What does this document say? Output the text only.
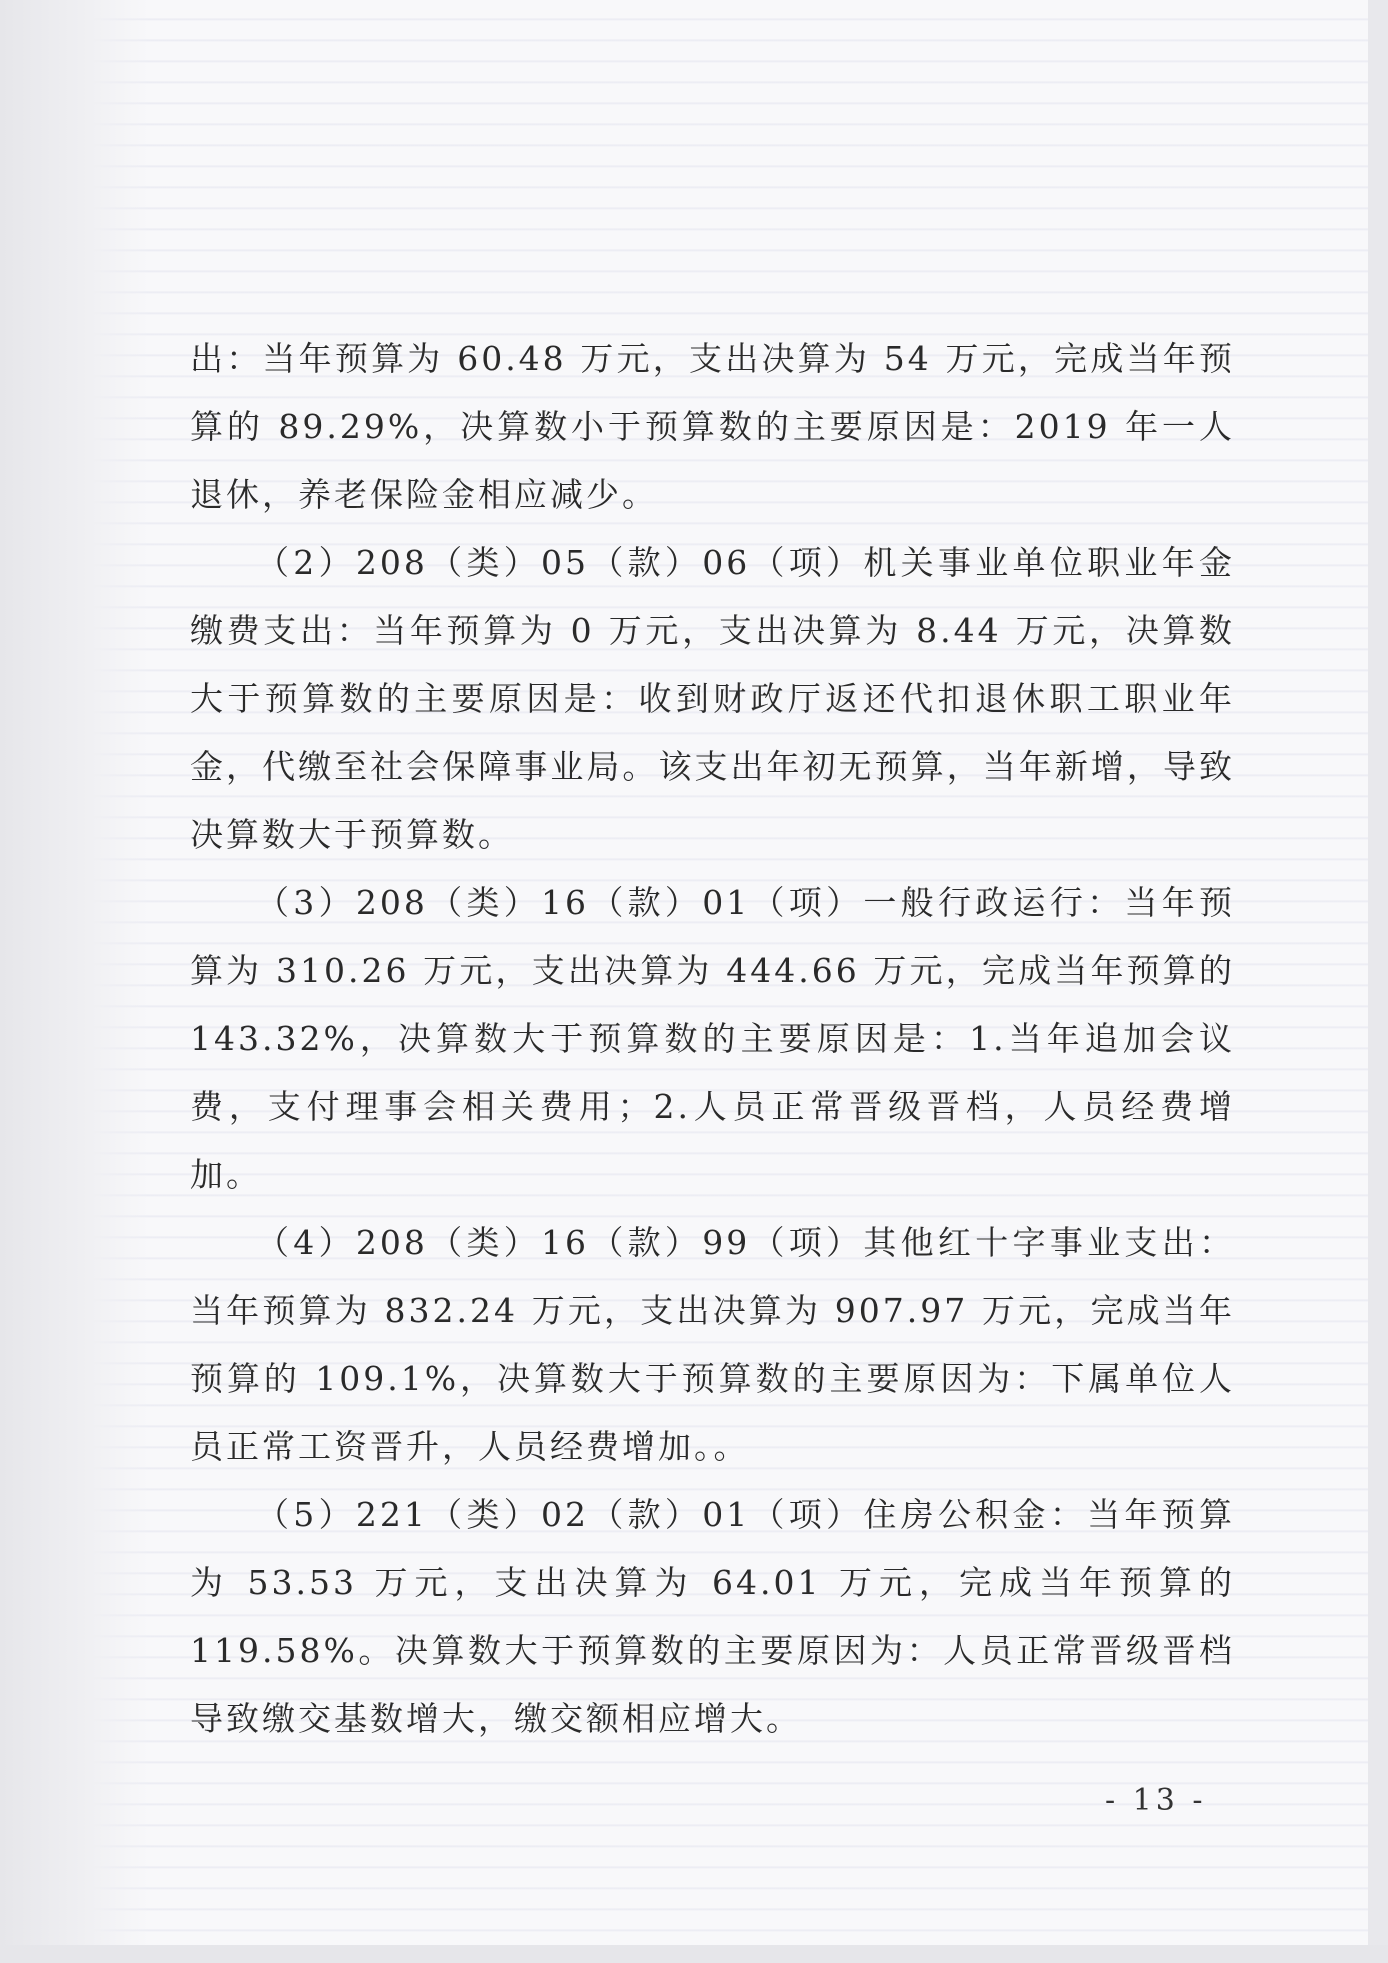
出：当年预算为 60.48 万元，支出决算为 54 万元，完成当年预算的 89.29%，决算数小于预算数的主要原因是：2019 年一人退休，养老保险金相应减少。

（2）208（类）05（款）06（项）机关事业单位职业年金缴费支出：当年预算为 0 万元，支出决算为 8.44 万元，决算数大于预算数的主要原因是：收到财政厅返还代扣退休职工职业年金，代缴至社会保障事业局。该支出年初无预算，当年新增，导致决算数大于预算数。

（3）208（类）16（款）01（项）一般行政运行：当年预算为 310.26 万元，支出决算为 444.66 万元，完成当年预算的 143.32%，决算数大于预算数的主要原因是：1.当年追加会议费，支付理事会相关费用；2.人员正常晋级晋档，人员经费增加。

（4）208（类）16（款）99（项）其他红十字事业支出：当年预算为 832.24 万元，支出决算为 907.97 万元，完成当年预算的 109.1%，决算数大于预算数的主要原因为：下属单位人员正常工资晋升，人员经费增加。。

（5）221（类）02（款）01（项）住房公积金：当年预算为 53.53 万元，支出决算为 64.01 万元，完成当年预算的 119.58%。决算数大于预算数的主要原因为：人员正常晋级晋档导致缴交基数增大，缴交额相应增大。

- 13 -
